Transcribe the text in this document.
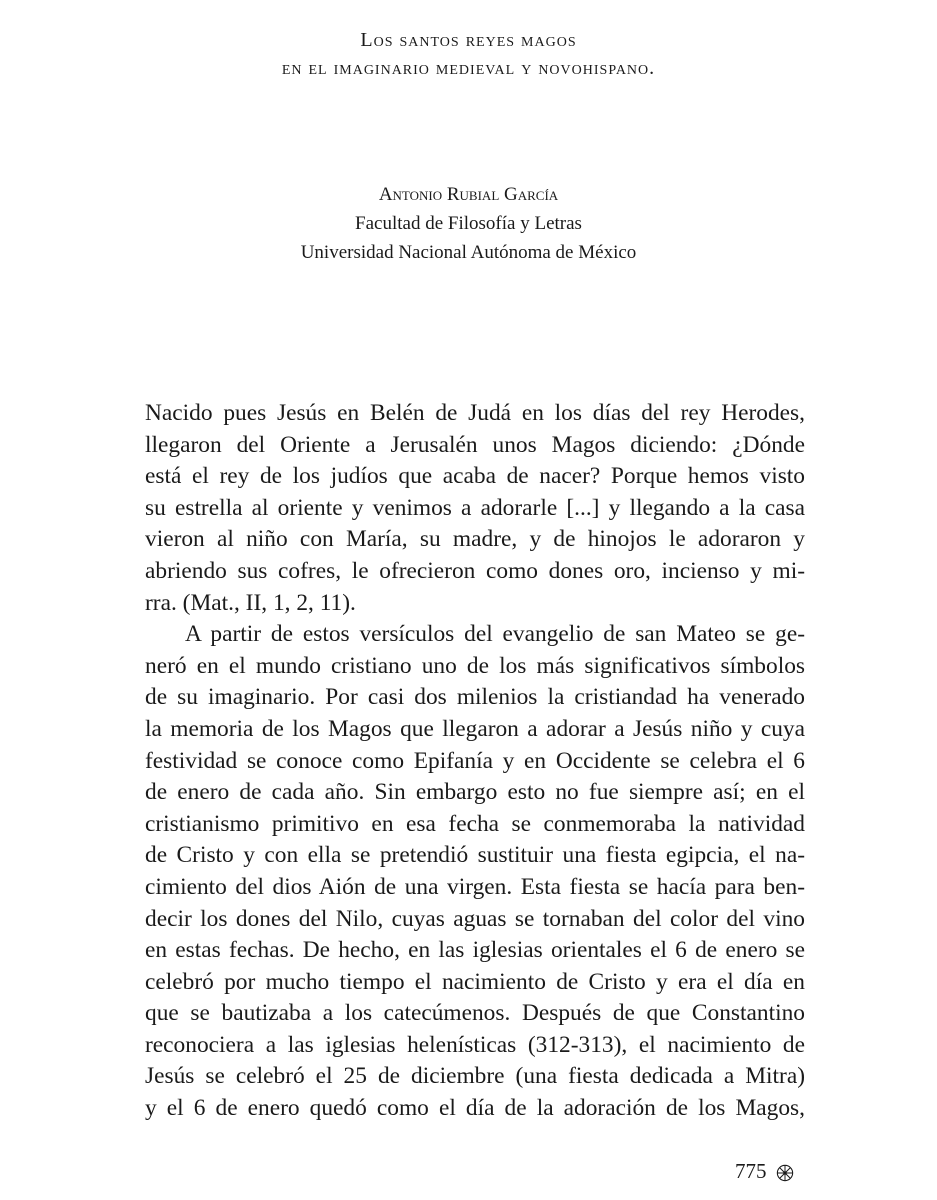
Los santos reyes magos
en el imaginario medieval y novohispano.
Antonio Rubial García
Facultad de Filosofía y Letras
Universidad Nacional Autónoma de México
Nacido pues Jesús en Belén de Judá en los días del rey Herodes,
llegaron del Oriente a Jerusalén unos Magos diciendo: ¿Dónde
está el rey de los judíos que acaba de nacer? Porque hemos visto
su estrella al oriente y venimos a adorarle [...] y llegando a la casa
vieron al niño con María, su madre, y de hinojos le adoraron y
abriendo sus cofres, le ofrecieron como dones oro, incienso y mi-
rra. (Mat., II, 1, 2, 11).
A partir de estos versículos del evangelio de san Mateo se ge-
neró en el mundo cristiano uno de los más significativos símbolos
de su imaginario. Por casi dos milenios la cristiandad ha venerado
la memoria de los Magos que llegaron a adorar a Jesús niño y cuya
festividad se conoce como Epifanía y en Occidente se celebra el 6
de enero de cada año. Sin embargo esto no fue siempre así; en el
cristianismo primitivo en esa fecha se conmemoraba la natividad
de Cristo y con ella se pretendió sustituir una fiesta egipcia, el na-
cimiento del dios Aión de una virgen. Esta fiesta se hacía para ben-
decir los dones del Nilo, cuyas aguas se tornaban del color del vino
en estas fechas. De hecho, en las iglesias orientales el 6 de enero se
celebró por mucho tiempo el nacimiento de Cristo y era el día en
que se bautizaba a los catecúmenos. Después de que Constantino
reconociera a las iglesias helenísticas (312-313), el nacimiento de
Jesús se celebró el 25 de diciembre (una fiesta dedicada a Mitra)
y el 6 de enero quedó como el día de la adoración de los Magos,
775
